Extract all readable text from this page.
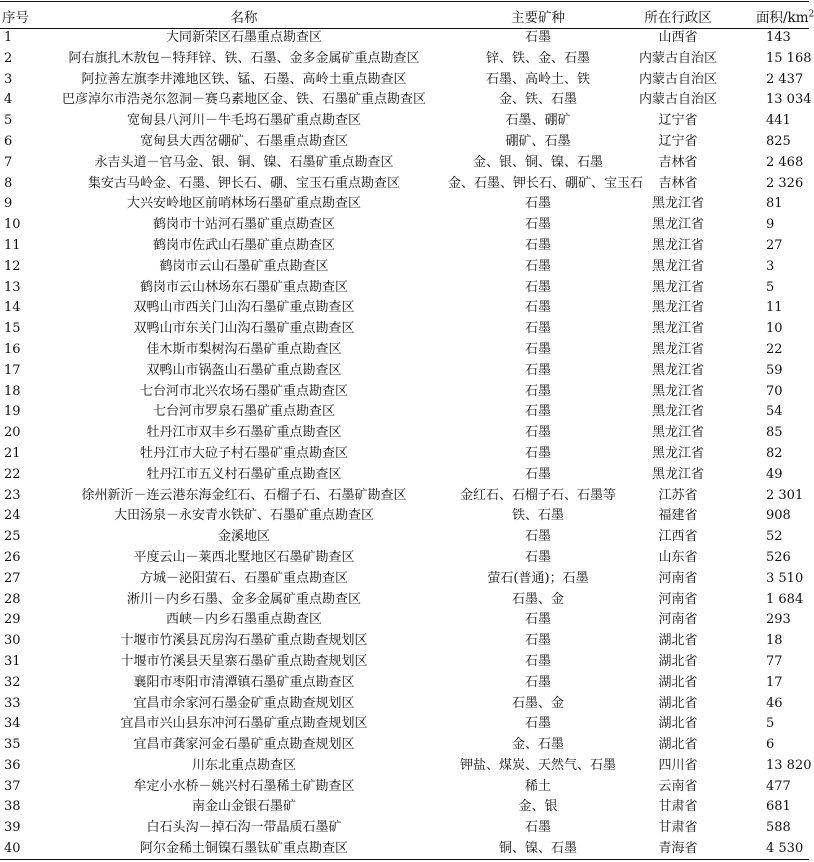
序号	名称	主要矿种	所在行政区	面积$/km^2$
1	大同新荣区石墨重点勘查区	石墨	山西省	143
2	阿右旗扎木敖包－特拜锌、铁、石墨、金多金属矿重点勘查区	锌、铁、金、石墨	内蒙古自治区	15 168
3	阿拉善左旗李井滩地区铁、锰、石墨、高岭土重点勘查区	石墨、高岭土、铁	内蒙古自治区	2 437
4	巴彦淖尔市浩尧尔忽洞－赛乌素地区金、铁、石墨矿重点勘查区	金、铁、石墨	内蒙古自治区	13 034
5	宽甸县八河川－牛毛坞石墨矿重点勘查区	石墨、硼矿	辽宁省	441
6	宽甸县大西岔硼矿、石墨重点勘查区	硼矿、石墨	辽宁省	825
7	永吉头道－官马金、银、铜、镍、石墨矿重点勘查区	金、银、铜、镍、石墨	吉林省	2 468
8	集安古马岭金、石墨、钾长石、硼、宝玉石重点勘查区	金、石墨、钾长石、硼矿、宝玉石	吉林省	2 326
9	大兴安岭地区前哨林场石墨矿重点勘查区	石墨	黑龙江省	81
10	鹤岗市十站河石墨矿重点勘查区	石墨	黑龙江省	9
11	鹤岗市佐武山石墨矿重点勘查区	石墨	黑龙江省	27
12	鹤岗市云山石墨矿重点勘查区	石墨	黑龙江省	3
13	鹤岗市云山林场东石墨矿重点勘查区	石墨	黑龙江省	5
14	双鸭山市西关门山沟石墨矿重点勘查区	石墨	黑龙江省	11
15	双鸭山市东关门山沟石墨矿重点勘查区	石墨	黑龙江省	10
16	佳木斯市梨树沟石墨矿重点勘查区	石墨	黑龙江省	22
17	双鸭山市锅盔山石墨矿重点勘查区	石墨	黑龙江省	59
18	七台河市北兴农场石墨矿重点勘查区	石墨	黑龙江省	70
19	七台河市罗泉石墨矿重点勘查区	石墨	黑龙江省	54
20	牡丹江市双丰乡石墨矿重点勘查区	石墨	黑龙江省	85
21	牡丹江市大砬子村石墨矿重点勘查区	石墨	黑龙江省	82
22	牡丹江市五义村石墨矿重点勘查区	石墨	黑龙江省	49
23	徐州新沂－连云港东海金红石、石榴子石、石墨矿勘查区	金红石、石榴子石、石墨等	江苏省	2 301
24	大田汤泉－永安青水铁矿、石墨矿重点勘查区	铁、石墨	福建省	908
25	金溪地区	石墨	江西省	52
26	平度云山－莱西北墅地区石墨矿勘查区	石墨	山东省	526
27	方城－泌阳萤石、石墨矿重点勘查区	萤石(普通)；石墨	河南省	3 510
28	淅川－内乡石墨、金多金属矿重点勘查区	石墨、金	河南省	1 684
29	西峡－内乡石墨重点勘查区	石墨	河南省	293
30	十堰市竹溪县瓦房沟石墨矿重点勘查规划区	石墨	湖北省	18
31	十堰市竹溪县天星寨石墨矿重点勘查规划区	石墨	湖北省	77
32	襄阳市枣阳市清潭镇石墨矿重点勘查区	石墨	湖北省	17
33	宜昌市余家河石墨金矿重点勘查规划区	石墨、金	湖北省	46
34	宜昌市兴山县东冲河石墨矿重点勘查规划区	石墨	湖北省	5
35	宜昌市龚家河金石墨矿重点勘查规划区	金、石墨	湖北省	6
36	川东北重点勘查区	钾盐、煤炭、天然气、石墨	四川省	13 820
37	牟定小水桥－姚兴村石墨稀土矿勘查区	稀土	云南省	477
38	南金山金银石墨矿	金、银	甘肃省	681
39	白石头沟－掉石沟一带晶质石墨矿	石墨	甘肃省	588
40	阿尔金稀土铜镍石墨钛矿重点勘查区	铜、镍、石墨	青海省	4 530
